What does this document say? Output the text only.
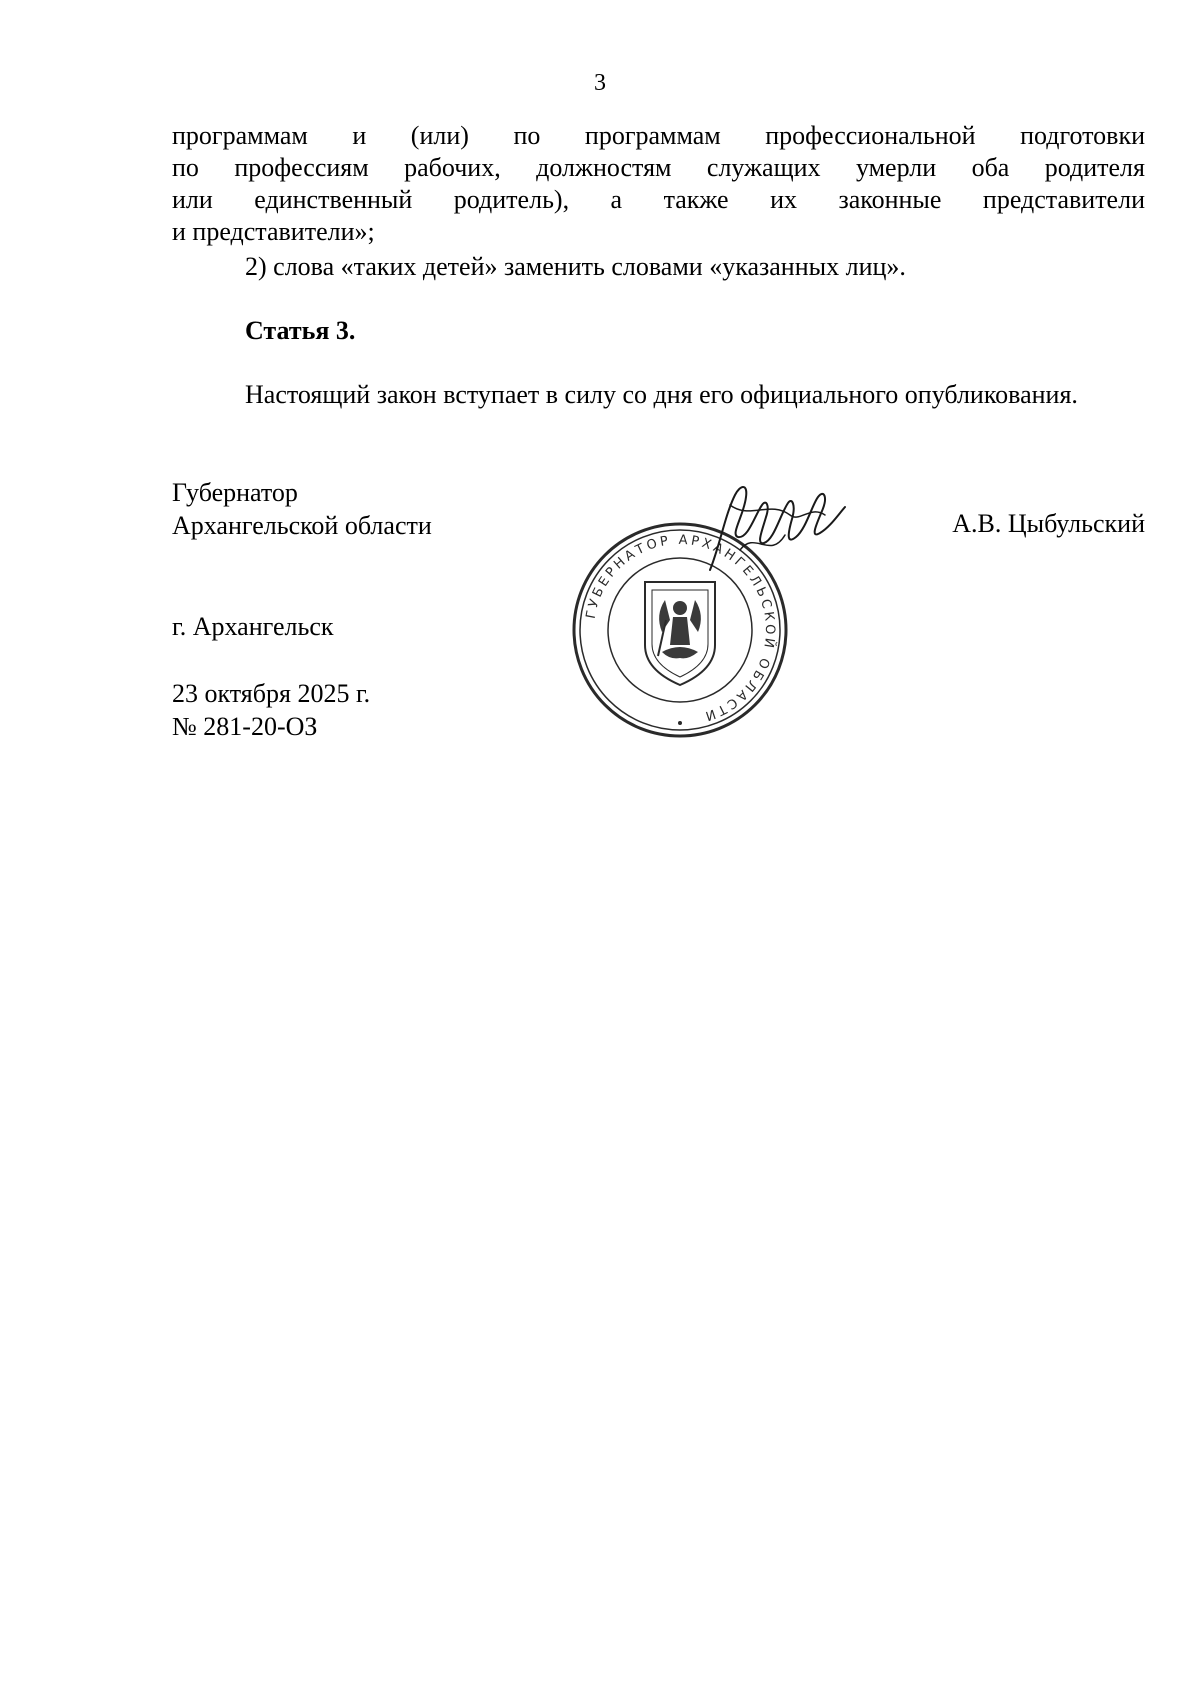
3
программам и (или) по программам профессиональной подготовки
по профессиям рабочих, должностям служащих умерли оба родителя
или единственный родитель), а также их законные представители
и представители»;
2) слова «таких детей» заменить словами «указанных лиц».
Статья 3.
Настоящий закон вступает в силу со дня его официального опубликования.
Губернатор
Архангельской области	А.В. Цыбульский
ГУБЕРНАТОР АРХАНГЕЛЬСКОЙ ОБЛАСТИ
г. Архангельск
23 октября 2025 г.
№ 281-20-ОЗ
